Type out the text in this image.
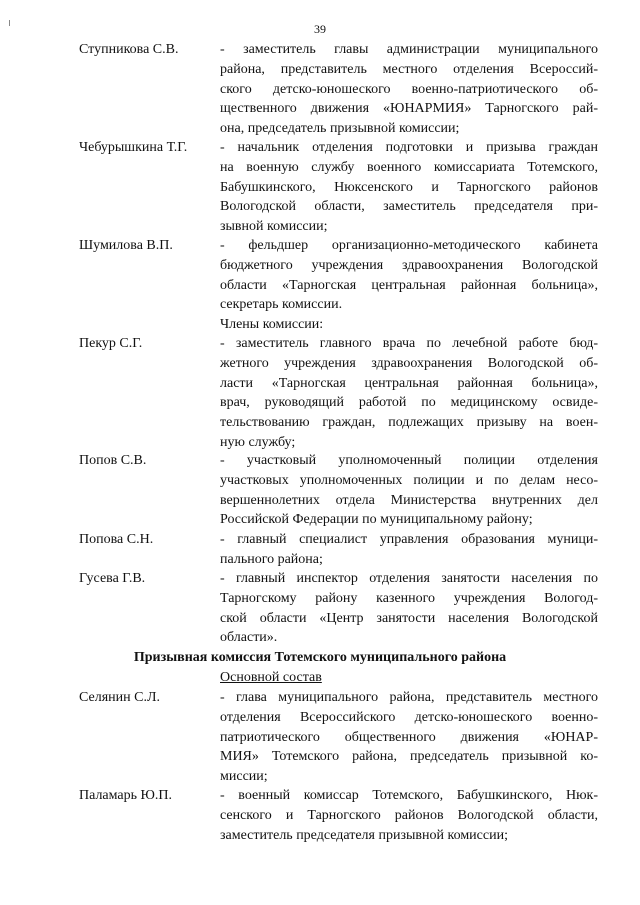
39
Ступникова С.В.	- заместитель главы администрации муниципального
района, представитель местного отделения Всероссий-
ского детско-юношеского военно-патриотического об-
щественного движения «ЮНАРМИЯ» Тарногского рай-
она, председатель призывной комиссии;
Чебурышкина Т.Г. - начальник отделения подготовки и призыва граждан
на военную службу военного комиссариата Тотемского,
Бабушкинского, Нюксенского и Тарногского районов
Вологодской области, заместитель председателя при-
зывной комиссии;
Шумилова В.П.	- фельдшер организационно-методического кабинета
бюджетного учреждения здравоохранения Вологодской
области «Тарногская центральная районная больница»,
секретарь комиссии.
Члены комиссии:
Пекур С.Г.	- заместитель главного врача по лечебной работе бюд-
жетного учреждения здравоохранения Вологодской об-
ласти «Тарногская центральная районная больница»,
врач, руководящий работой по медицинскому освиде-
тельствованию граждан, подлежащих призыву на воен-
ную службу;
Попов С.В.	- участковый уполномоченный полиции отделения
участковых уполномоченных полиции и по делам несо-
вершеннолетних отдела Министерства внутренних дел
Российской Федерации по муниципальному району;
Попова С.Н.	- главный специалист управления образования муници-
пального района;
Гусева Г.В.	- главный инспектор отделения занятости населения по
Тарногскому району казенного учреждения Вологод-
ской области «Центр занятости населения Вологодской
области».
Призывная комиссия Тотемского муниципального района
Основной состав
Селянин С.Л.	- глава муниципального района, представитель местного
отделения Всероссийского детско-юношеского военно-
патриотического общественного движения «ЮНАР-
МИЯ» Тотемского района, председатель призывной ко-
миссии;
Паламарь Ю.П.	- военный комиссар Тотемского, Бабушкинского, Нюк-
сенского и Тарногского районов Вологодской области,
заместитель председателя призывной комиссии;
